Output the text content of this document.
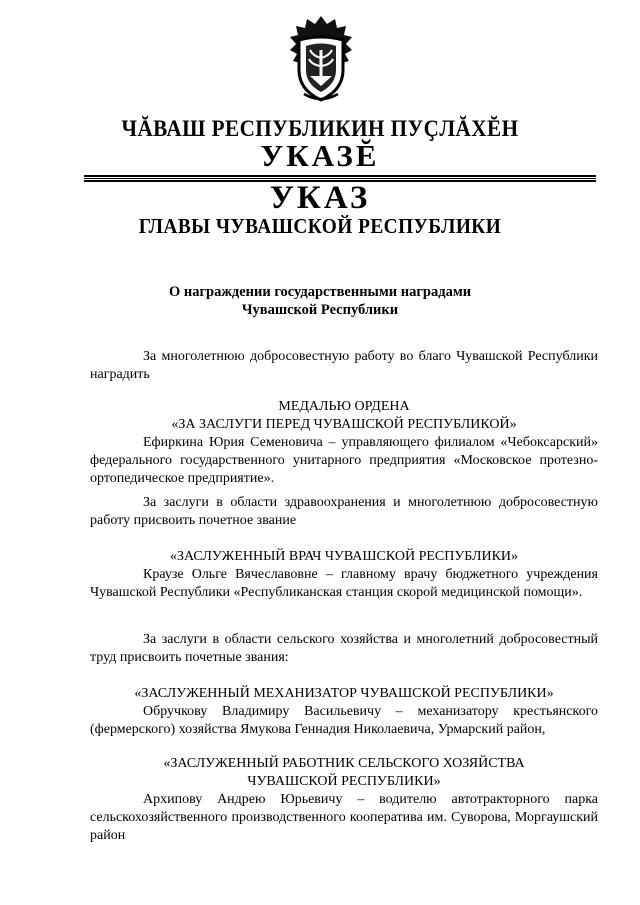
ЧĂВАШ РЕСПУБЛИКИН ПУҪЛĂХĔН
УКАЗĔ
УКАЗ
ГЛАВЫ ЧУВАШСКОЙ РЕСПУБЛИКИ
О награждении государственными наградами
Чувашской Республики

За многолетнюю добросовестную работу во благо Чувашской Республики наградить

МЕДАЛЬЮ ОРДЕНА

«ЗА ЗАСЛУГИ ПЕРЕД ЧУВАШСКОЙ РЕСПУБЛИКОЙ»

Ефиркина Юрия Семеновича – управляющего филиалом «Чебоксарский» федерального государственного унитарного предприятия «Московское протезно-ортопедическое предприятие».

За заслуги в области здравоохранения и многолетнюю добросовестную работу присвоить почетное звание

«ЗАСЛУЖЕННЫЙ ВРАЧ ЧУВАШСКОЙ РЕСПУБЛИКИ»

Краузе Ольге Вячеславовне – главному врачу бюджетного учреждения Чувашской Республики «Республиканская станция скорой медицинской помощи».

За заслуги в области сельского хозяйства и многолетний добросовестный труд присвоить почетные звания:

«ЗАСЛУЖЕННЫЙ МЕХАНИЗАТОР ЧУВАШСКОЙ РЕСПУБЛИКИ»

Обручкову Владимиру Васильевичу – механизатору крестьянского (фермерского) хозяйства Ямукова Геннадия Николаевича, Урмарский район,

«ЗАСЛУЖЕННЫЙ РАБОТНИК СЕЛЬСКОГО ХОЗЯЙСТВА

ЧУВАШСКОЙ РЕСПУБЛИКИ»

Архипову Андрею Юрьевичу – водителю автотракторного парка сельскохозяйственного производственного кооператива им. Суворова, Моргаушский район
